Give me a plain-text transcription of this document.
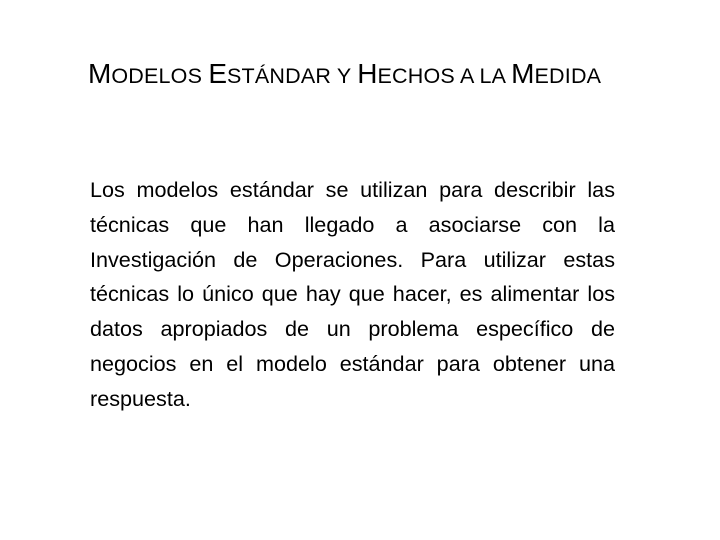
MODELOS ESTÁNDAR Y HECHOS A LA MEDIDA

Los modelos estándar se utilizan para describir las técnicas que han llegado a asociarse con la Investigación de Operaciones. Para utilizar estas técnicas lo único que hay que hacer, es alimentar los datos apropiados de un problema específico de negocios en el modelo estándar para obtener una respuesta.
